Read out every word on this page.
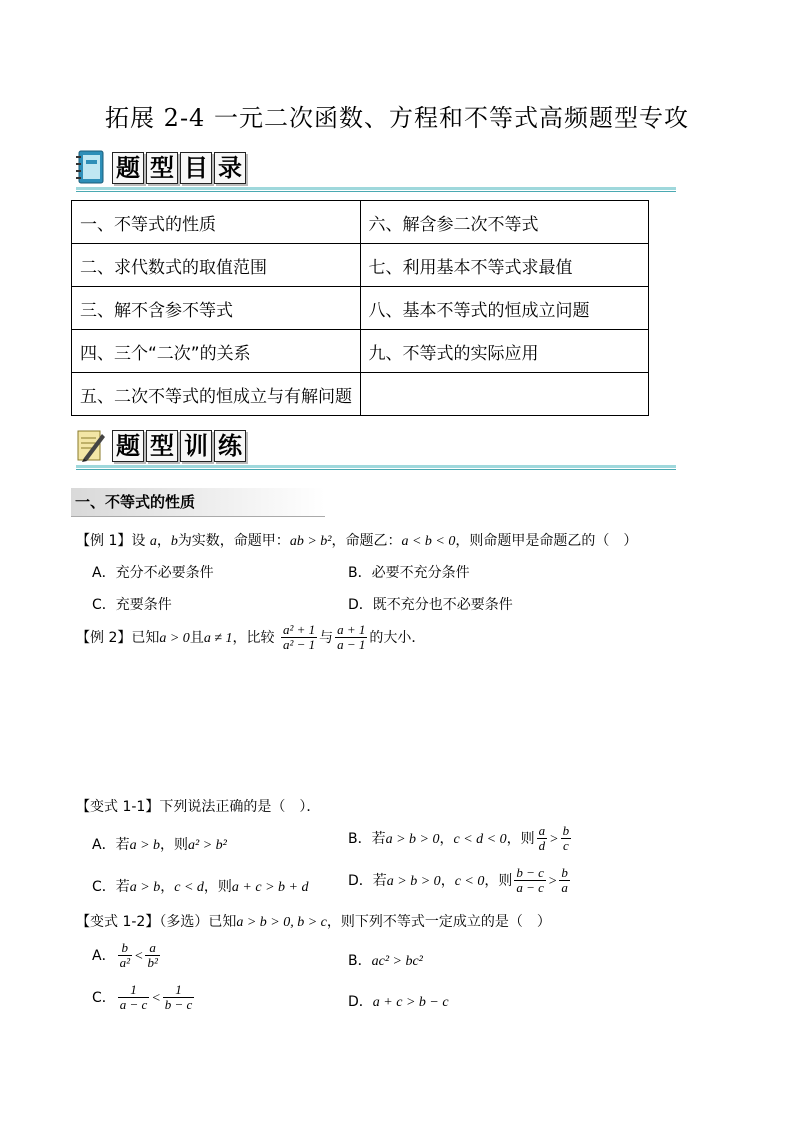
拓展 2-4 一元二次函数、方程和不等式高频题型专攻
题 型 目 录
一、不等式的性质	六、解含参二次不等式
二、求代数式的取值范围	七、利用基本不等式求最值
三、解不含参不等式	八、基本不等式的恒成立问题
四、三个“二次”的关系	九、不等式的实际应用
五、二次不等式的恒成立与有解问题	
题 型 训 练
一、不等式的性质
【例 1】设 a，b为实数，命题甲：ab > b²，命题乙：a < b < 0，则命题甲是命题乙的（　）
A．充分不必要条件	B．必要不充分条件
C．充要条件	D．既不充分也不必要条件
【例 2】已知a > 0且a ≠ 1，比较 $\frac{\text{a² + 1}}{\text{a² − 1}}$ 与 $\frac{a + 1}{a - 1}$ 的大小．
【变式 1-1】下列说法正确的是（　）．
A．若a > b，则a² > b²	B．若a > b > 0，c < d < 0，则 $\frac{a}{d} > \frac{b}{c}$
C．若a > b，c < d，则a + c > b + d	D．若a > b > 0，c < 0，则 $\frac{b - c}{a - c} > \frac{b}{a}$
【变式 1-2】（多选）已知a > b > 0, b > c，则下列不等式一定成立的是（　）
A． $\frac{b}{\text{a²}} < \frac{a}{\text{b²}}$	B．ac² > bc²
C． $\frac{1}{a - c} < \frac{1}{b - c}$	D．a + c > b − c
